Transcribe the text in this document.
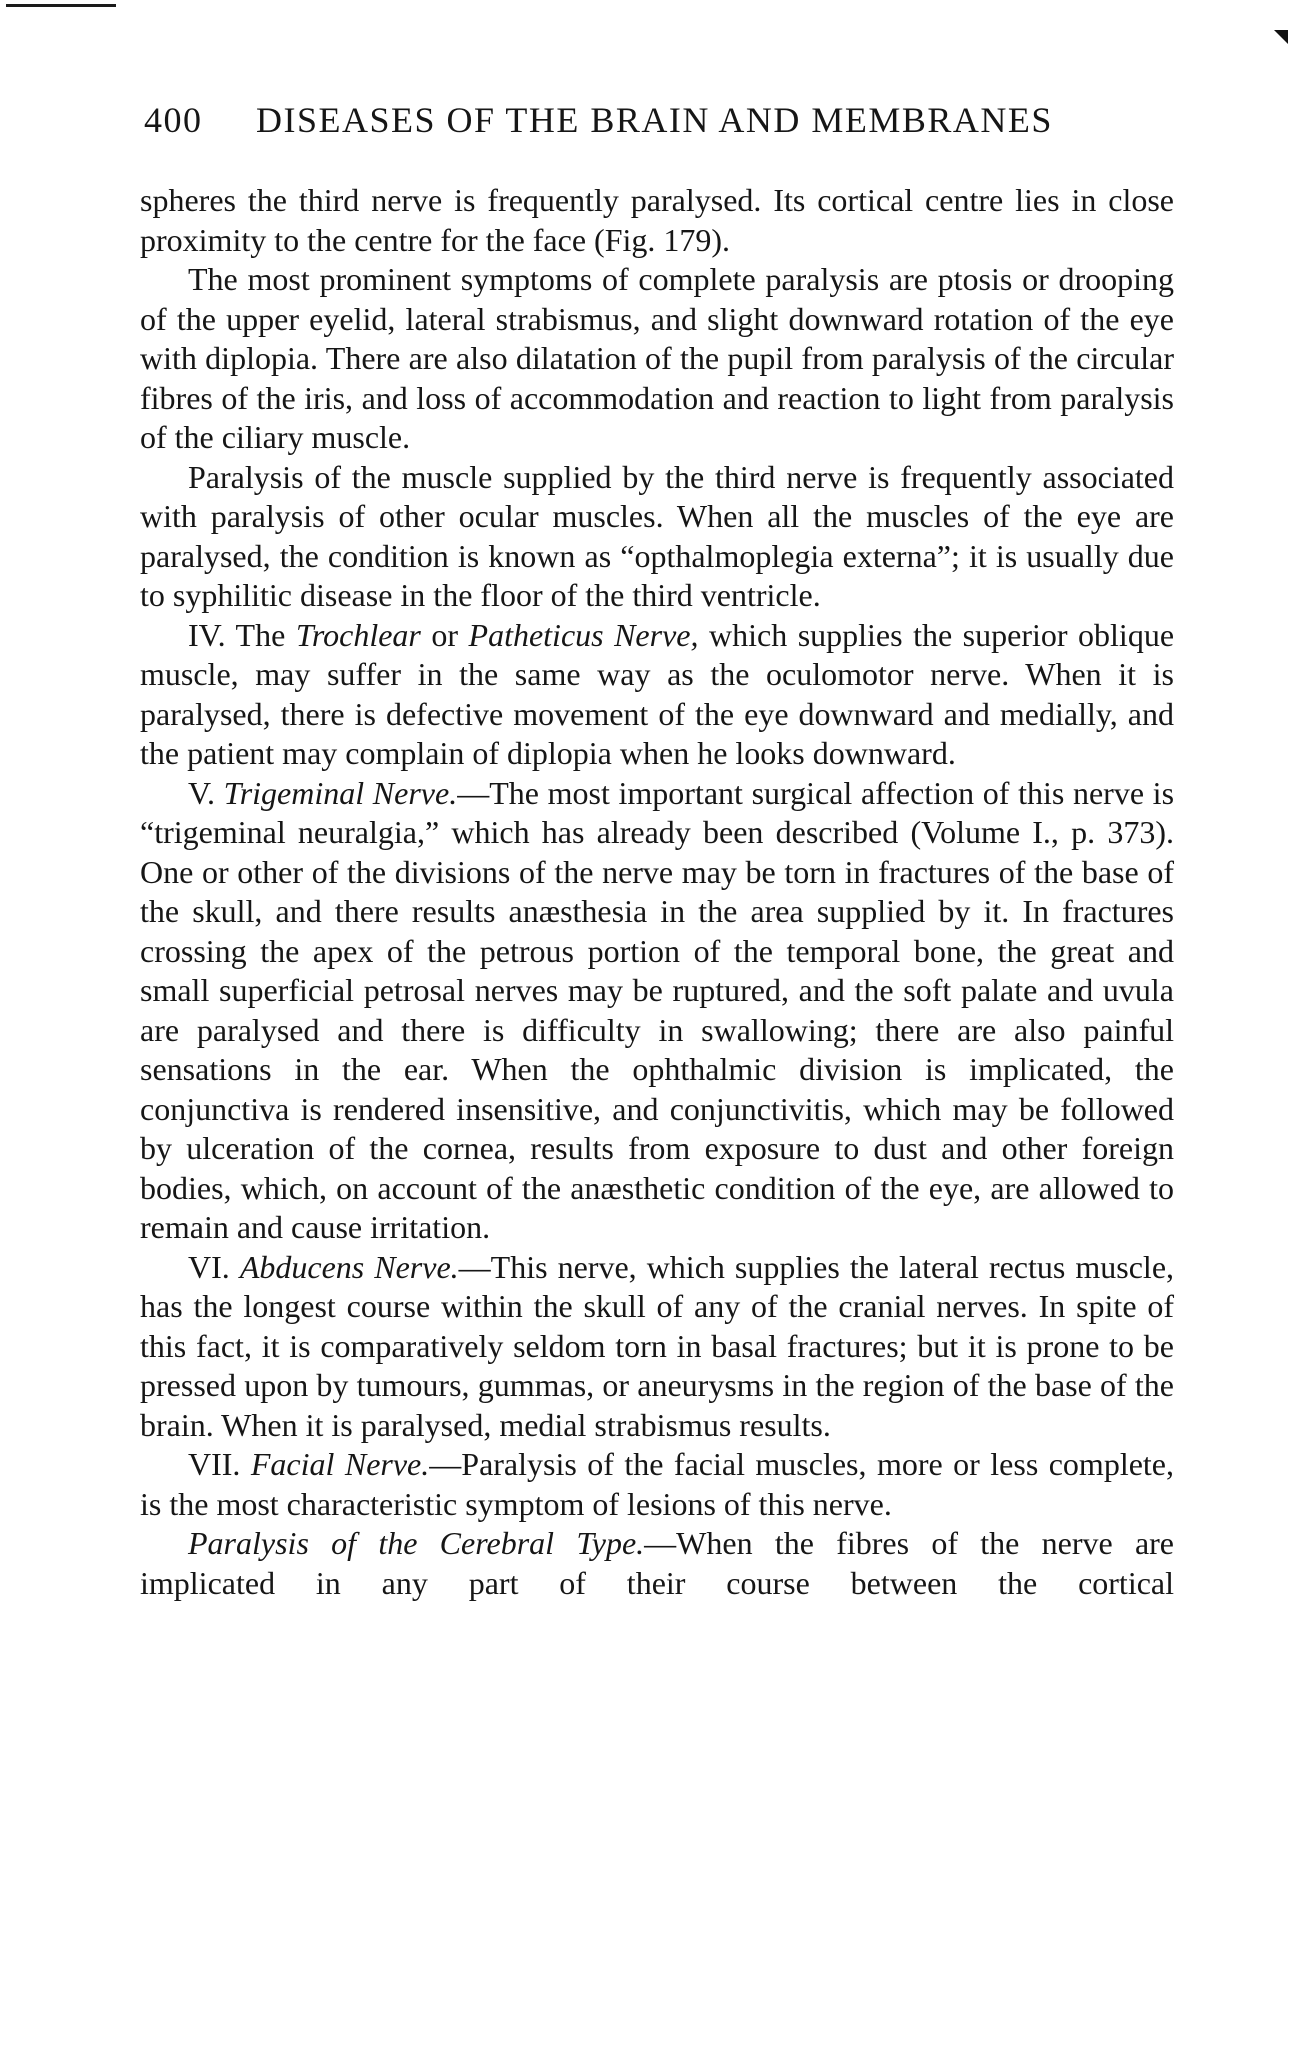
400 DISEASES OF THE BRAIN AND MEMBRANES

spheres the third nerve is frequently paralysed. Its cortical centre lies in close proximity to the centre for the face (Fig. 179).

The most prominent symptoms of complete paralysis are ptosis or drooping of the upper eyelid, lateral strabismus, and slight downward rotation of the eye with diplopia. There are also dilatation of the pupil from paralysis of the circular fibres of the iris, and loss of accommodation and reaction to light from paralysis of the ciliary muscle.

Paralysis of the muscle supplied by the third nerve is frequently associated with paralysis of other ocular muscles. When all the muscles of the eye are paralysed, the condition is known as “opthalmoplegia externa”; it is usually due to syphilitic disease in the floor of the third ventricle.

IV. The Trochlear or Patheticus Nerve, which supplies the superior oblique muscle, may suffer in the same way as the oculomotor nerve. When it is paralysed, there is defective movement of the eye downward and medially, and the patient may complain of diplopia when he looks downward.

V. Trigeminal Nerve.—The most important surgical affection of this nerve is “trigeminal neuralgia,” which has already been described (Volume I., p. 373). One or other of the divisions of the nerve may be torn in fractures of the base of the skull, and there results anæsthesia in the area supplied by it. In fractures crossing the apex of the petrous portion of the temporal bone, the great and small superficial petrosal nerves may be ruptured, and the soft palate and uvula are paralysed and there is difficulty in swallowing; there are also painful sensations in the ear. When the ophthalmic division is implicated, the conjunctiva is rendered insensitive, and conjunctivitis, which may be followed by ulceration of the cornea, results from exposure to dust and other foreign bodies, which, on account of the anæsthetic condition of the eye, are allowed to remain and cause irritation.

VI. Abducens Nerve.—This nerve, which supplies the lateral rectus muscle, has the longest course within the skull of any of the cranial nerves. In spite of this fact, it is comparatively seldom torn in basal fractures; but it is prone to be pressed upon by tumours, gummas, or aneurysms in the region of the base of the brain. When it is paralysed, medial strabismus results.

VII. Facial Nerve.—Paralysis of the facial muscles, more or less complete, is the most characteristic symptom of lesions of this nerve.

Paralysis of the Cerebral Type.—When the fibres of the nerve are implicated in any part of their course between the cortical
